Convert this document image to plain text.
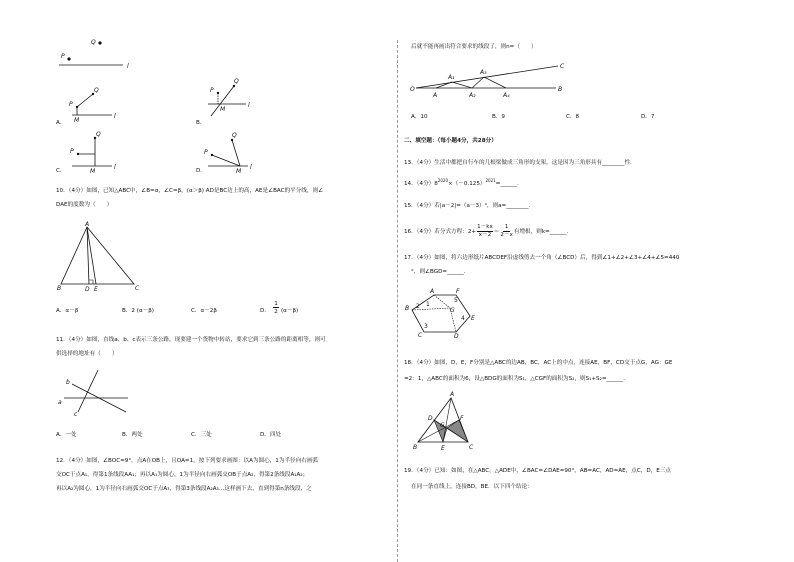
Q
P
l
P
Q
M
l
A．
P
Q
M
l
B．
P
Q
M
l
C．
P
Q
M
l
D．
10．（4分）如图，已知△ABC中，∠B=α，∠C=β，(α＞β) AD是BC边上的高，AE是∠BAC的平分线，则∠
DAE的度数为（　　）
A
B	C
D E
A．α－β	B．2 (α－β)	C．α－2β	D．
1
2 (α－β)
11．（4分）如图，直线a、b、c表示三条公路，现要建一个货物中转站，要求它到三条公路的距离相等，则可
供选择的地址有（　　）
b
a
c
A．一处	B．两处	C．三处	D．四处
12．（4分）如图，∠BOC=9°，点A在OB上，且OA=1，按下列要求画图：以A为圆心，1为半径向右画弧
交OC于点A₁，得第1条线段AA₁；再以A₁为圆心，1为半径向右画弧交OB于点A₂，得第2条线段A₁A₂；
再以A₂为圆心，1为半径向右画弧交OC于点A₃，得第3条线段A₂A₃…这样画下去，直到得第n条线段，之
后就不能再画出符合要求的线段了，则n=（　　）
O
A
A₁
A₂
A₃
A₄
B
C
A．10	B．9	C．8	D．7
二、填空题：（每小题4分，共28分）
13．（4分）生活中都把自行车的几根梁做成三角形的支架，这是因为三角形具有________性．
14．（4分）$8^{2020}\times(-0.125)^{2021}=\_\_\_\_\_\_$．
15．（4分）若|a－2|=（a－3）⁰，则a=________．
16．（4分）若分式方程：$2+ \frac{1-kx}{x-2}$ ＝
1
2－x 有增根，则k=______．
17．（4分）如图，将六边形纸片ABCDEF沿虚线剪去一个角（∠BCD）后，得到∠1+∠2+∠3+∠4+∠5=440
°，则∠BGD=______．
A	F
E
B
C	D
G
1
2
3
4
5
18．（4分）如图，D，E，F分别是△ABC的边AB，BC，AC上的中点，连接AE，BF，CD交于点G，AG：GE
=2：1，△ABC的面积为6，设△BDG的面积为S₁，△CGF的面积为S₂，则S₁+S₂=______．
A
D	F
G
B	E	C
19．（4分）已知：如图，在△ABC，△ADE中，∠BAC=∠DAE=90°，AB=AC，AD=AE，点C，D，E三点
在同一条直线上，连接BD，BE．以下四个结论：
